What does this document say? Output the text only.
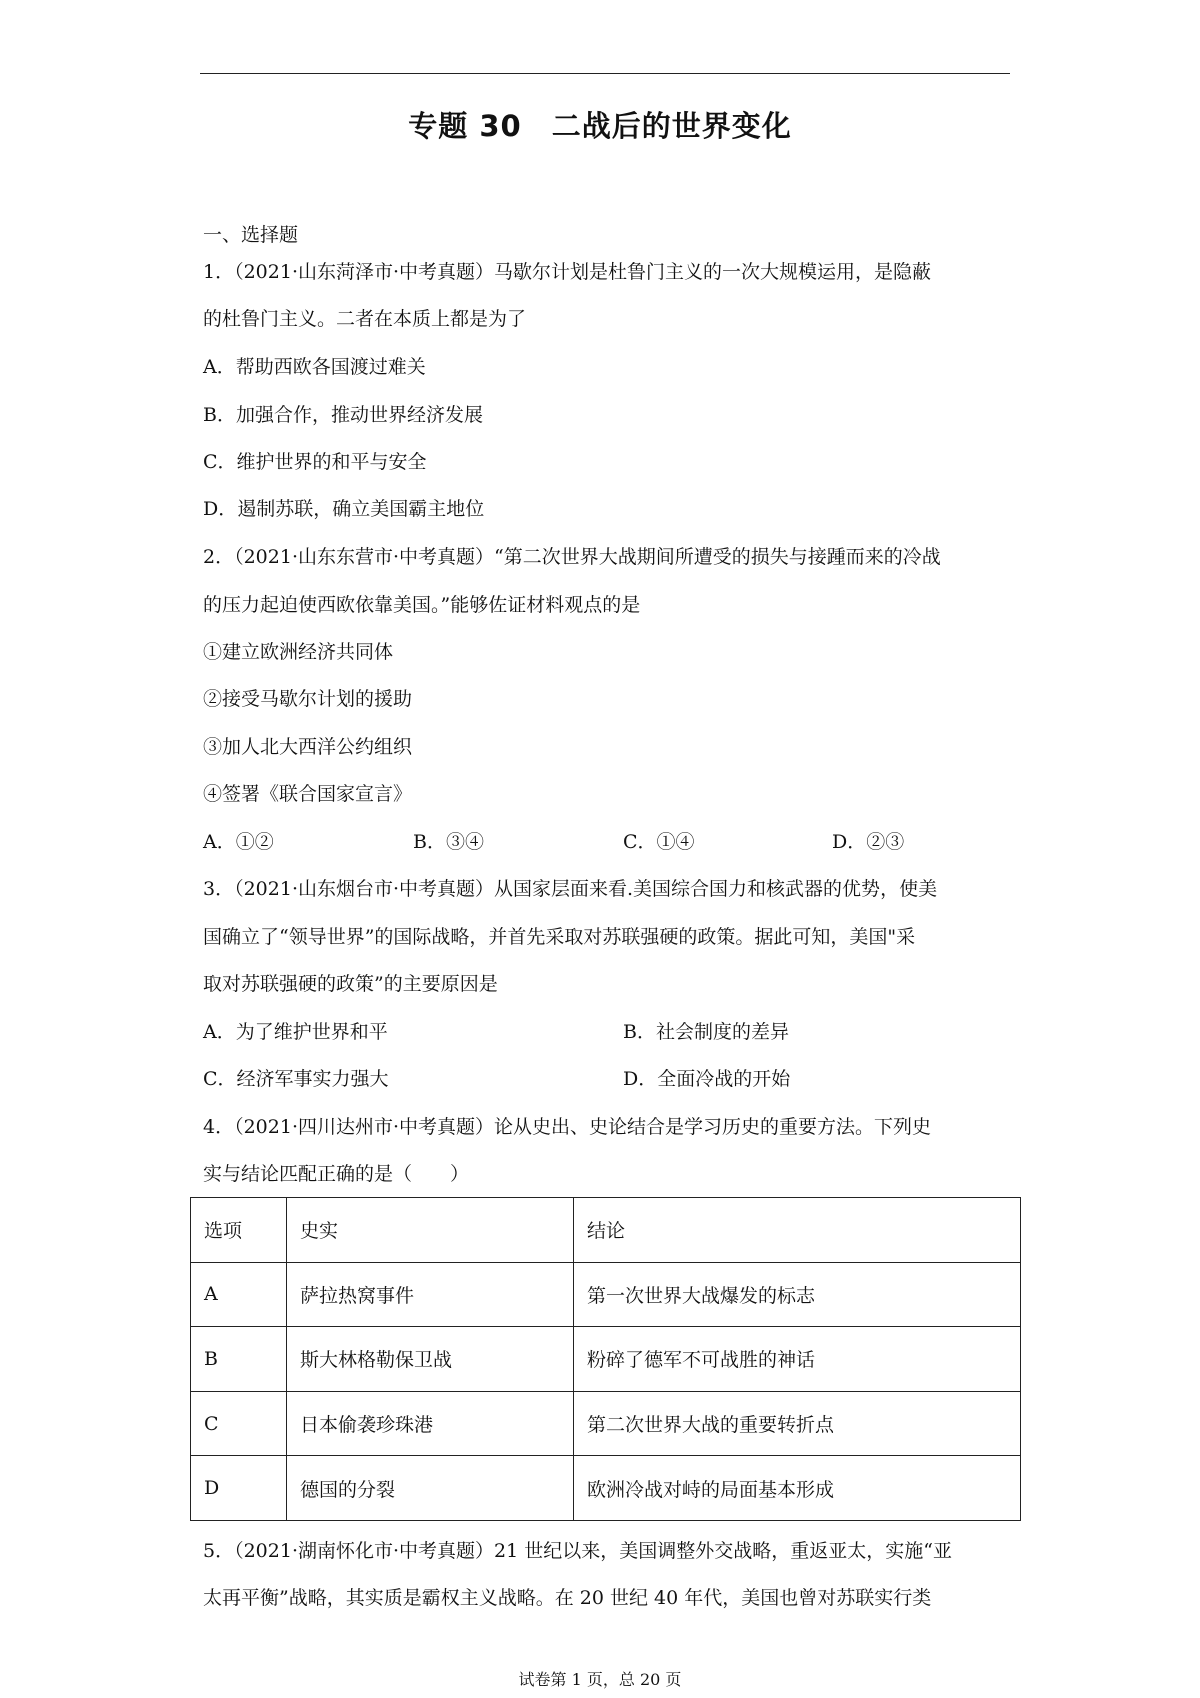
专题 30　二战后的世界变化
一、选择题
1．（2021·山东菏泽市·中考真题）马歇尔计划是杜鲁门主义的一次大规模运用，是隐蔽
的杜鲁门主义。二者在本质上都是为了
A．帮助西欧各国渡过难关
B．加强合作，推动世界经济发展
C．维护世界的和平与安全
D．遏制苏联，确立美国霸主地位
2．（2021·山东东营市·中考真题）“第二次世界大战期间所遭受的损失与接踵而来的冷战
的压力起迫使西欧依靠美国。”能够佐证材料观点的是
①建立欧洲经济共同体
②接受马歇尔计划的援助
③加人北大西洋公约组织
④签署《联合国家宣言》
A．①②	B．③④	C．①④	D．②③
3．（2021·山东烟台市·中考真题）从国家层面来看.美国综合国力和核武器的优势，使美
国确立了“领导世界”的国际战略，并首先采取对苏联强硬的政策。据此可知，美国"采
取对苏联强硬的政策”的主要原因是
A．为了维护世界和平	B．社会制度的差异
C．经济军事实力强大	D．全面冷战的开始
4．（2021·四川达州市·中考真题）论从史出、史论结合是学习历史的重要方法。下列史
实与结论匹配正确的是（　　）
选项	史实	结论
A	萨拉热窝事件	第一次世界大战爆发的标志
B	斯大林格勒保卫战	粉碎了德军不可战胜的神话
C	日本偷袭珍珠港	第二次世界大战的重要转折点
D	德国的分裂	欧洲冷战对峙的局面基本形成
5．（2021·湖南怀化市·中考真题）21 世纪以来，美国调整外交战略，重返亚太，实施“亚
太再平衡”战略，其实质是霸权主义战略。在 20 世纪 40 年代，美国也曾对苏联实行类
试卷第 1 页，总 20 页
